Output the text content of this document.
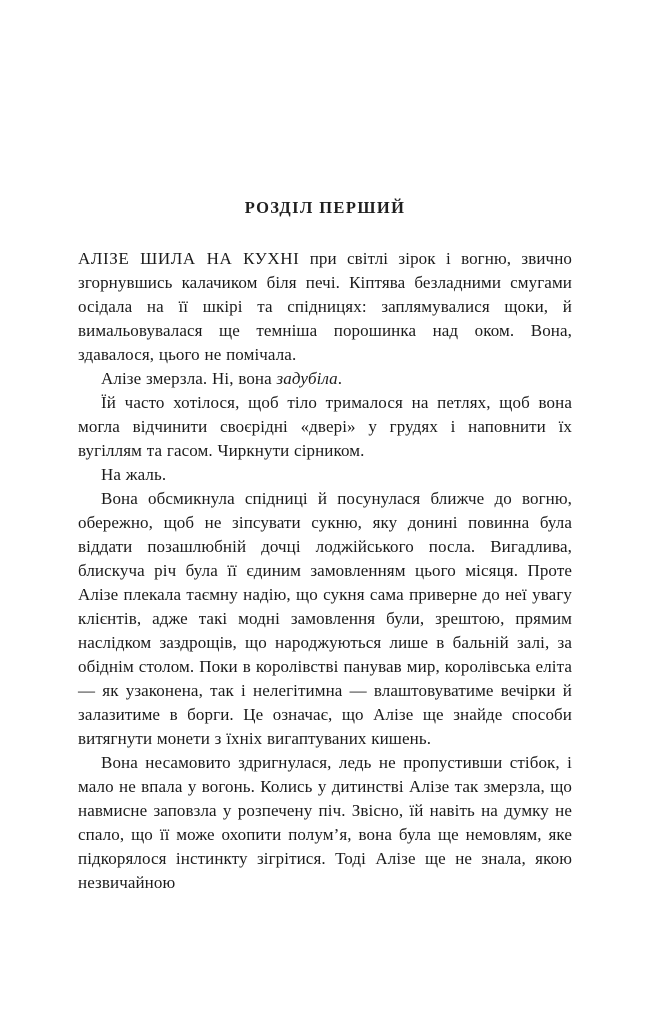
РОЗДІЛ ПЕРШИЙ

АЛІЗЕ ШИЛА НА КУХНІ при світлі зірок і вогню, звично згорнувшись калачиком біля печі. Кіптява безладними смугами осідала на її шкірі та спідницях: заплямувалися щоки, й вимальовувалася ще темніша порошинка над оком. Вона, здавалося, цього не помічала.

Алізе змерзла. Ні, вона задубіла.

Їй часто хотілося, щоб тіло трималося на петлях, щоб вона могла відчинити своєрідні «двері» у грудях і наповнити їх вугіллям та гасом. Чиркнути сірником.

На жаль.

Вона обсмикнула спідниці й посунулася ближче до вогню, обережно, щоб не зіпсувати сукню, яку донині повинна була віддати позашлюбній дочці лоджійського посла. Вигадлива, блискуча річ була її єдиним замовленням цього місяця. Проте Алізе плекала таємну надію, що сукня сама приверне до неї увагу клієнтів, адже такі модні замовлення були, зрештою, прямим наслідком заздрощів, що народжуються лише в бальній залі, за обіднім столом. Поки в королівстві панував мир, королівська еліта — як узаконена, так і нелегітимна — влаштовуватиме вечірки й залазитиме в борги. Це означає, що Алізе ще знайде способи витягнути монети з їхніх вигаптуваних кишень.

Вона несамовито здригнулася, ледь не пропустивши стібок, і мало не впала у вогонь. Колись у дитинстві Алізе так змерзла, що навмисне заповзла у розпечену піч. Звісно, їй навіть на думку не спало, що її може охопити полум’я, вона була ще немовлям, яке підкорялося інстинкту зігрітися. Тоді Алізе ще не знала, якою незвичайною
